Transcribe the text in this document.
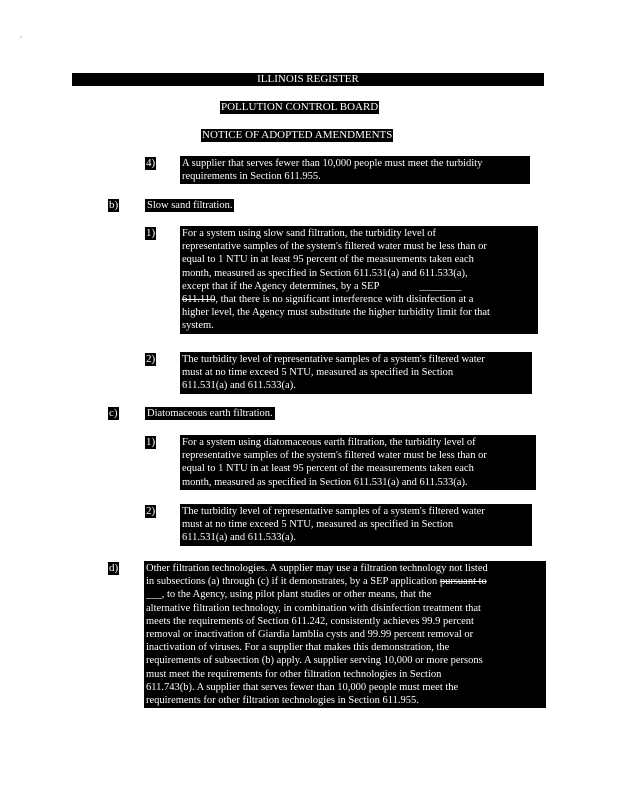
ILLINOIS REGISTER
POLLUTION CONTROL BOARD
NOTICE OF ADOPTED AMENDMENTS
4)	A supplier that serves fewer than 10,000 people must meet the turbidity
requirements in Section 611.955.
b)	Slow sand filtration.
1)	For a system using slow sand filtration, the turbidity level of
representative samples of the system's filtered water must be less than or
equal to 1 NTU in at least 95 percent of the measurements taken each
month, measured as specified in Section 611.531(a) and 611.533(a),
except that if the Agency determines, by a SEP	________
611.110, that there is no significant interference with disinfection at a
higher level, the Agency must substitute the higher turbidity limit for that
system.
2)	The turbidity level of representative samples of a system's filtered water
must at no time exceed 5 NTU, measured as specified in Section
611.531(a) and 611.533(a).
c)	Diatomaceous earth filtration.
1)	For a system using diatomaceous earth filtration, the turbidity level of
representative samples of the system's filtered water must be less than or
equal to 1 NTU in at least 95 percent of the measurements taken each
month, measured as specified in Section 611.531(a) and 611.533(a).
2)	The turbidity level of representative samples of a system's filtered water
must at no time exceed 5 NTU, measured as specified in Section
611.531(a) and 611.533(a).
d)	Other filtration technologies. A supplier may use a filtration technology not listed
in subsections (a) through (c) if it demonstrates, by a SEP application pursuant to
___, to the Agency, using pilot plant studies or other means, that the
alternative filtration technology, in combination with disinfection treatment that
meets the requirements of Section 611.242, consistently achieves 99.9 percent
removal or inactivation of Giardia lamblia cysts and 99.99 percent removal or
inactivation of viruses. For a supplier that makes this demonstration, the
requirements of subsection (b) apply. A supplier serving 10,000 or more persons
must meet the requirements for other filtration technologies in Section
611.743(b). A supplier that serves fewer than 10,000 people must meet the
requirements for other filtration technologies in Section 611.955.
